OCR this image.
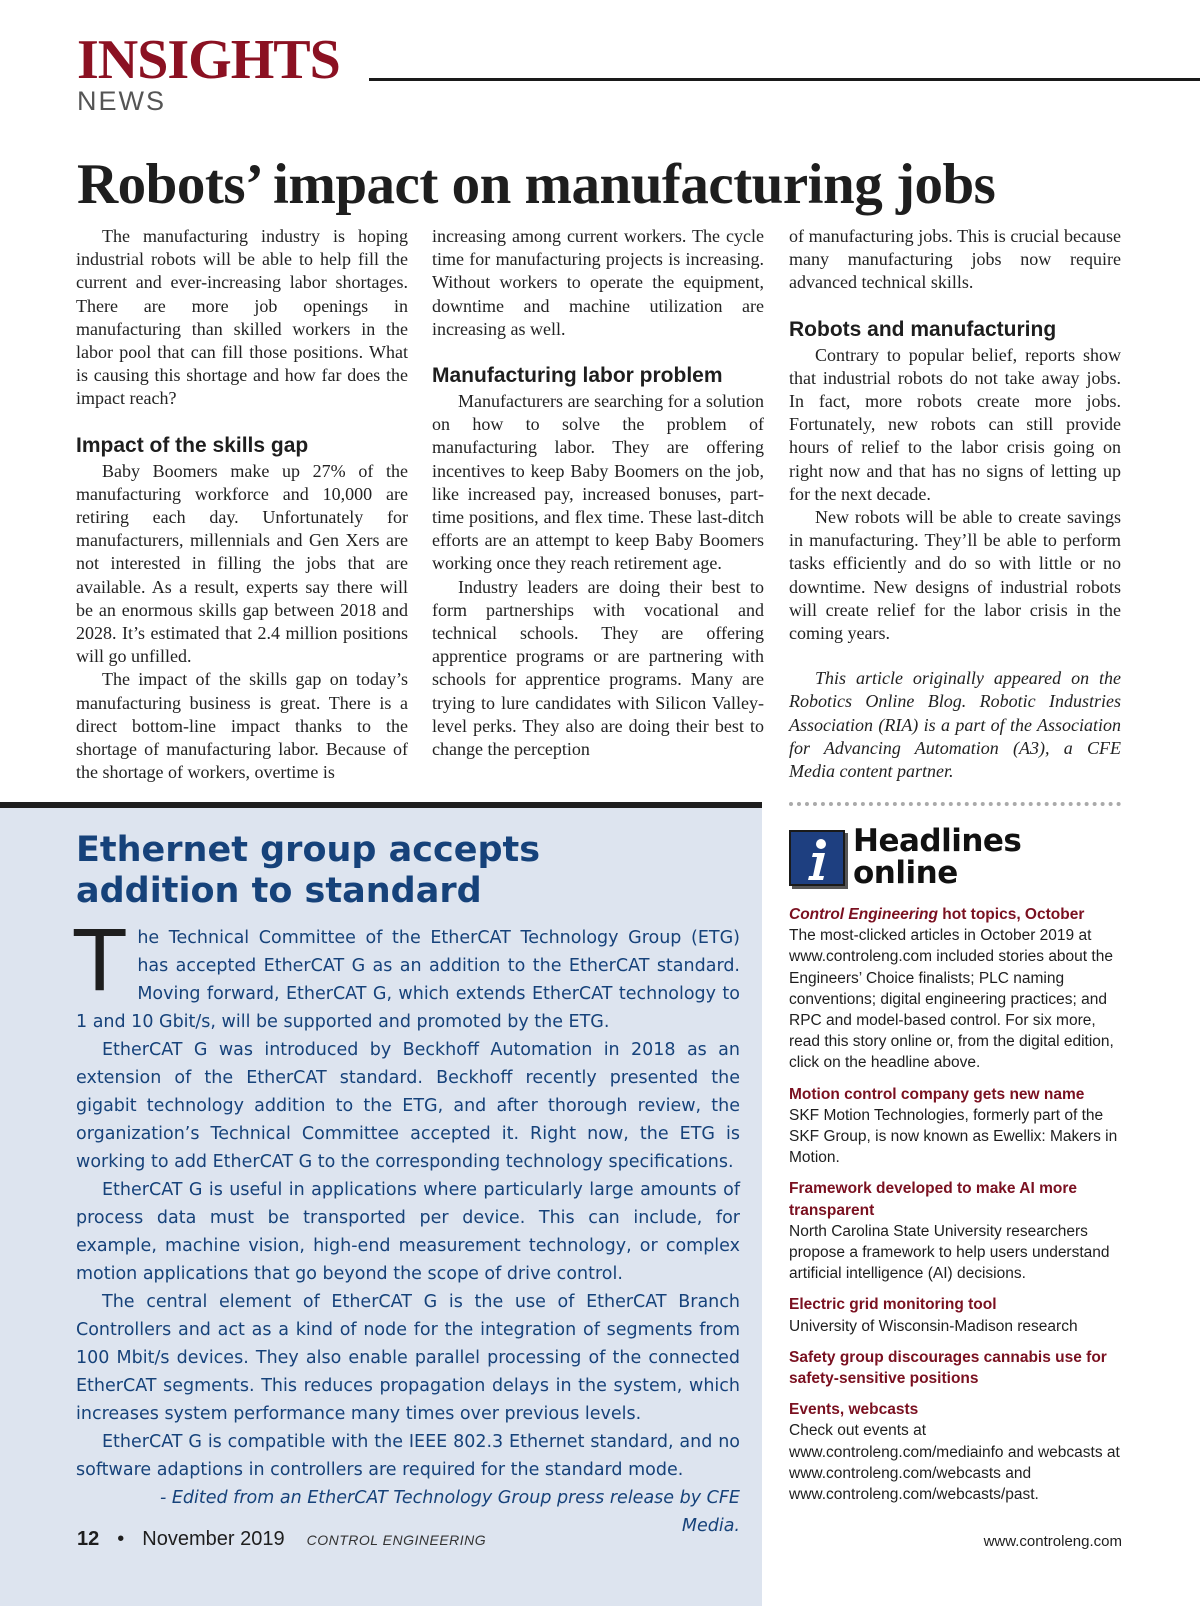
INSIGHTS
NEWS
Robots’ impact on manufacturing jobs

The manufacturing industry is hoping industrial robots will be able to help fill the current and ever-increasing labor shortages. There are more job openings in manufacturing than skilled workers in the labor pool that can fill those positions. What is causing this shortage and how far does the impact reach?

Impact of the skills gap

Baby Boomers make up 27% of the manufacturing workforce and 10,000 are retiring each day. Unfortunately for manufacturers, millennials and Gen Xers are not interested in filling the jobs that are available. As a result, experts say there will be an enormous skills gap between 2018 and 2028. It’s estimated that 2.4 million positions will go unfilled.

The impact of the skills gap on today’s manufacturing business is great. There is a direct bottom-line impact thanks to the shortage of manufacturing labor. Because of the shortage of workers, overtime is

increasing among current workers. The cycle time for manufacturing projects is increasing. Without workers to operate the equipment, downtime and machine utilization are increasing as well.

Manufacturing labor problem

Manufacturers are searching for a solution on how to solve the problem of manufacturing labor. They are offering incentives to keep Baby Boomers on the job, like increased pay, increased bonuses, part-time positions, and flex time. These last-ditch efforts are an attempt to keep Baby Boomers working once they reach retirement age.

Industry leaders are doing their best to form partnerships with vocational and technical schools. They are offering apprentice programs or are partnering with schools for apprentice programs. Many are trying to lure candidates with Silicon Valley-level perks. They also are doing their best to change the perception

of manufacturing jobs. This is crucial because many manufacturing jobs now require advanced technical skills.

Robots and manufacturing

Contrary to popular belief, reports show that industrial robots do not take away jobs. In fact, more robots create more jobs. Fortunately, new robots can still provide hours of relief to the labor crisis going on right now and that has no signs of letting up for the next decade.

New robots will be able to create savings in manufacturing. They’ll be able to perform tasks efficiently and do so with little or no downtime. New designs of industrial robots will create relief for the labor crisis in the coming years.

This article originally appeared on the Robotics Online Blog. Robotic Industries Association (RIA) is a part of the Association for Advancing Automation (A3), a CFE Media content partner.

Ethernet group accepts addition to standard

The Technical Committee of the EtherCAT Technology Group (ETG) has accepted EtherCAT G as an addition to the EtherCAT standard. Moving forward, EtherCAT G, which extends EtherCAT technology to 1 and 10 Gbit/s, will be supported and promoted by the ETG.

EtherCAT G was introduced by Beckhoff Automation in 2018 as an extension of the EtherCAT standard. Beckhoff recently presented the gigabit technology addition to the ETG, and after thorough review, the organization’s Technical Committee accepted it. Right now, the ETG is working to add EtherCAT G to the corresponding technology specifications.

EtherCAT G is useful in applications where particularly large amounts of process data must be transported per device. This can include, for example, machine vision, high-end measurement technology, or complex motion applications that go beyond the scope of drive control.

The central element of EtherCAT G is the use of EtherCAT Branch Controllers and act as a kind of node for the integration of segments from 100 Mbit/s devices. They also enable parallel processing of the connected EtherCAT segments. This reduces propagation delays in the system, which increases system performance many times over previous levels.

EtherCAT G is compatible with the IEEE 802.3 Ethernet standard, and no software adaptions in controllers are required for the standard mode.

- Edited from an EtherCAT Technology Group press release by CFE Media.

Headlines
online
Control Engineering hot topics, October
The most-clicked articles in October 2019 at www.controleng.com included stories about the Engineers’ Choice finalists; PLC naming conventions; digital engineering practices; and RPC and model-based control. For six more, read this story online or, from the digital edition, click on the headline above.
Motion control company gets new name
SKF Motion Technologies, formerly part of the SKF Group, is now known as Ewellix: Makers in Motion.
Framework developed to make AI more transparent
North Carolina State University researchers propose a framework to help users understand artificial intelligence (AI) decisions.
Electric grid monitoring tool
University of Wisconsin-Madison research
Safety group discourages cannabis use for safety-sensitive positions
Events, webcasts
Check out events at www.controleng.com/mediainfo and webcasts at www.controleng.com/webcasts and www.controleng.com/webcasts/past.
12 • November 2019 CONTROL ENGINEERING	www.controleng.com
